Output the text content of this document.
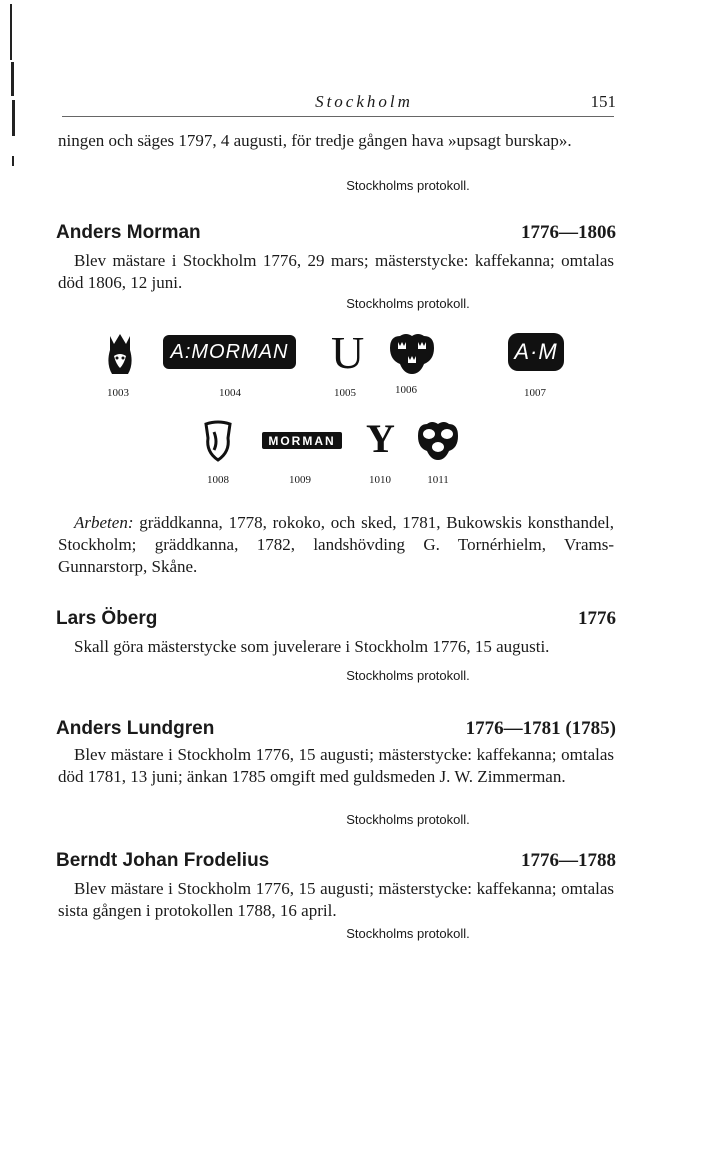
Stockholm	151
ningen och säges 1797, 4 augusti, för tredje gången hava »upsagt burskap».
Stockholms protokoll.
Anders Morman	1776—1806
Blev mästare i Stockholm 1776, 29 mars; mästerstycke: kaffekanna; omtalas död 1806, 12 juni.
Stockholms protokoll.
1003
A:MORMAN
1004
U
1005	1006
A·M
1007
1008
MORMAN
1009
Y
1010	1011
Arbeten: gräddkanna, 1778, rokoko, och sked, 1781, Bukowskis konsthandel, Stockholm; gräddkanna, 1782, landshövding G. Tornérhielm, Vrams-Gunnarstorp, Skåne.
Lars Öberg	1776
Skall göra mästerstycke som juvelerare i Stockholm 1776, 15 augusti.
Stockholms protokoll.
Anders Lundgren	1776—1781 (1785)
Blev mästare i Stockholm 1776, 15 augusti; mästerstycke: kaffekanna; omtalas död 1781, 13 juni; änkan 1785 omgift med guldsmeden J. W. Zimmerman.
Stockholms protokoll.
Berndt Johan Frodelius	1776—1788
Blev mästare i Stockholm 1776, 15 augusti; mästerstycke: kaffekanna; omtalas sista gången i protokollen 1788, 16 april.
Stockholms protokoll.
